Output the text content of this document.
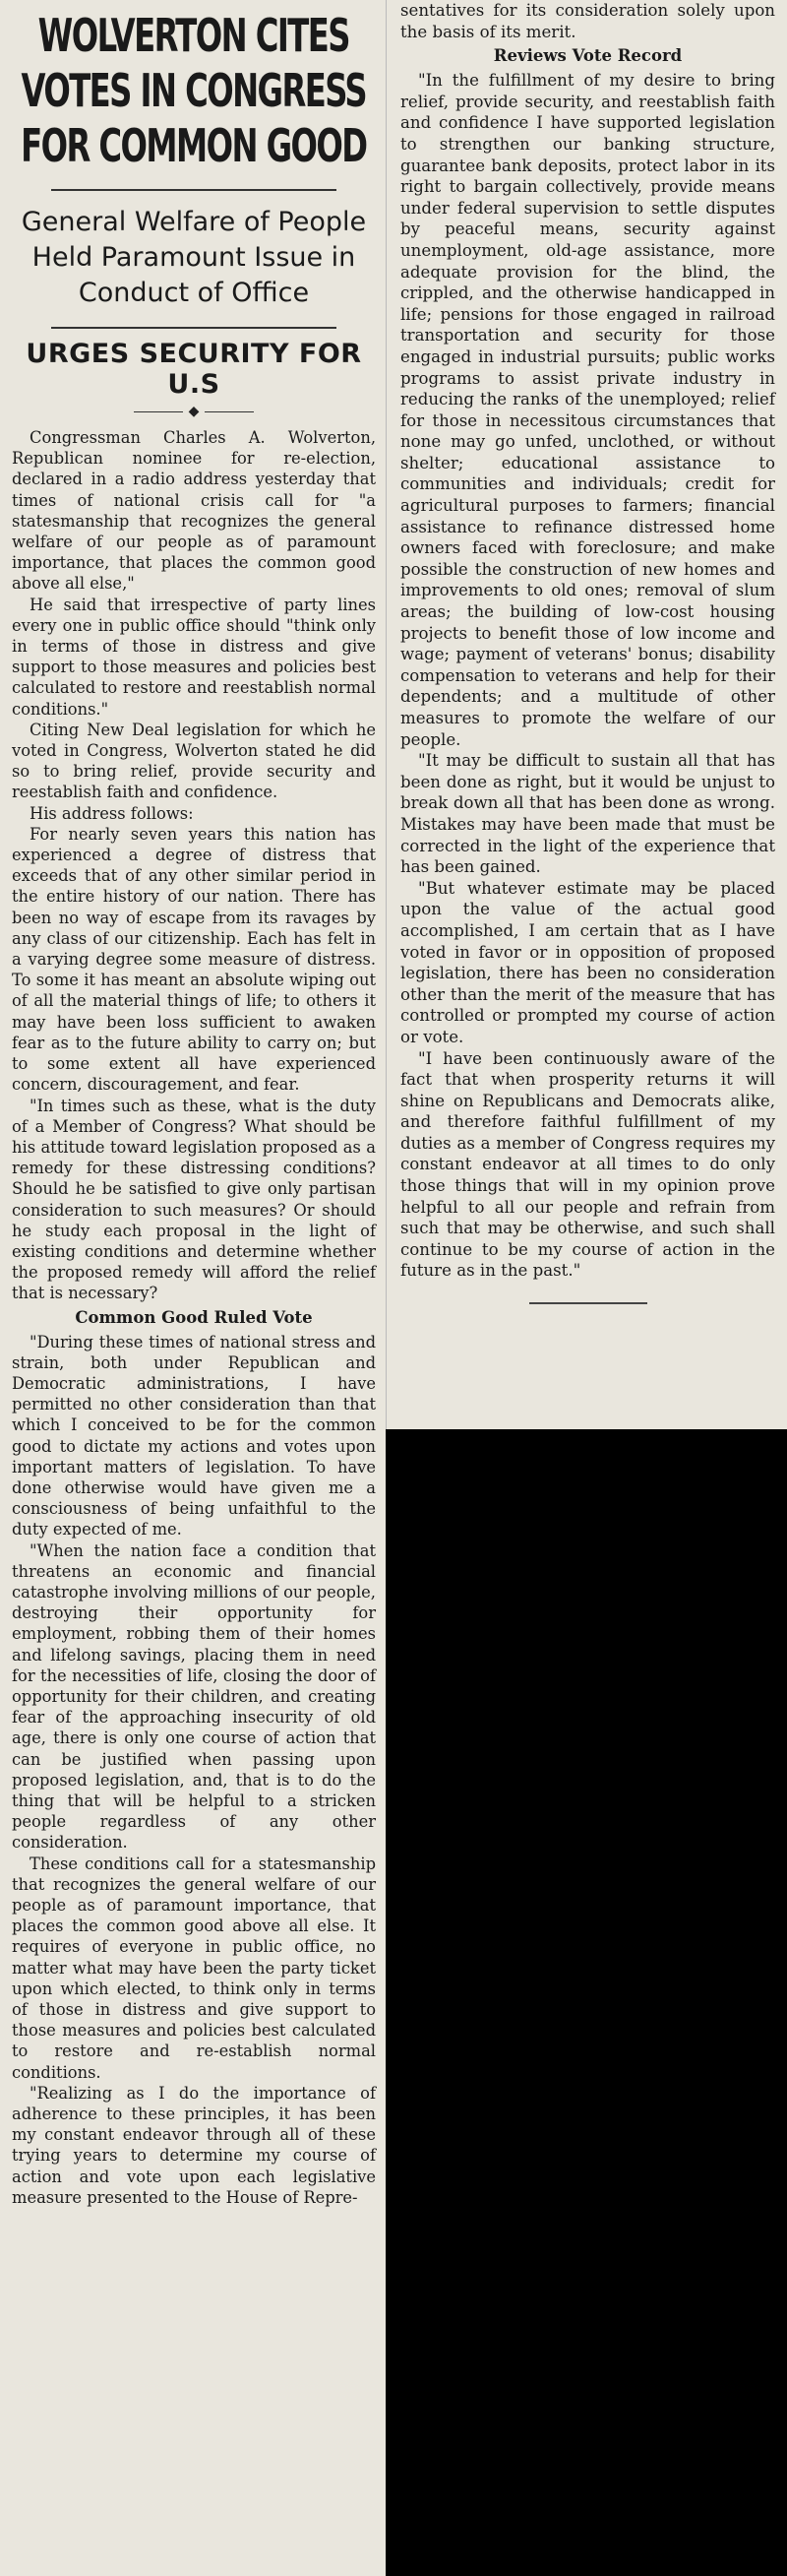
WOLVERTON CITES
VOTES IN CONGRESS
FOR COMMON GOOD
General Welfare of People Held Paramount Issue in Conduct of Office
URGES SECURITY FOR U.S
◆

Congressman Charles A. Wolverton, Republican nominee for re-election, declared in a radio address yesterday that times of national crisis call for "a statesmanship that recognizes the general welfare of our people as of paramount importance, that places the common good above all else,"

He said that irrespective of party lines every one in public office should "think only in terms of those in distress and give support to those measures and policies best calculated to restore and reestablish normal conditions."

Citing New Deal legislation for which he voted in Congress, Wolverton stated he did so to bring relief, provide security and reestablish faith and confidence.

His address follows:

For nearly seven years this nation has experienced a degree of distress that exceeds that of any other similar period in the entire history of our nation. There has been no way of escape from its ravages by any class of our citizenship. Each has felt in a varying degree some measure of distress. To some it has meant an absolute wiping out of all the material things of life; to others it may have been loss sufficient to awaken fear as to the future ability to carry on; but to some extent all have experienced concern, discouragement, and fear.

"In times such as these, what is the duty of a Member of Congress? What should be his attitude toward legislation proposed as a remedy for these distressing conditions? Should he be satisfied to give only partisan consideration to such measures? Or should he study each proposal in the light of existing conditions and determine whether the proposed remedy will afford the relief that is necessary?

Common Good Ruled Vote

"During these times of national stress and strain, both under Republican and Democratic administrations, I have permitted no other consideration than that which I conceived to be for the common good to dictate my actions and votes upon important matters of legislation. To have done otherwise would have given me a consciousness of being unfaithful to the duty expected of me.

"When the nation face a condition that threatens an economic and financial catastrophe involving millions of our people, destroying their opportunity for employment, robbing them of their homes and lifelong savings, placing them in need for the necessities of life, closing the door of opportunity for their children, and creating fear of the approaching insecurity of old age, there is only one course of action that can be justified when passing upon proposed legislation, and, that is to do the thing that will be helpful to a stricken people regardless of any other consideration.

These conditions call for a statesmanship that recognizes the general welfare of our people as of paramount importance, that places the common good above all else. It requires of everyone in public office, no matter what may have been the party ticket upon which elected, to think only in terms of those in distress and give support to those measures and policies best calculated to restore and re-establish normal conditions.

"Realizing as I do the importance of adherence to these principles, it has been my constant endeavor through all of these trying years to determine my course of action and vote upon each legislative measure presented to the House of Repre-

sentatives for its consideration solely upon the basis of its merit.

Reviews Vote Record

"In the fulfillment of my desire to bring relief, provide security, and reestablish faith and confidence I have supported legislation to strengthen our banking structure, guarantee bank deposits, protect labor in its right to bargain collectively, provide means under federal supervision to settle disputes by peaceful means, security against unemployment, old-age assistance, more adequate provision for the blind, the crippled, and the otherwise handicapped in life; pensions for those engaged in railroad transportation and security for those engaged in industrial pursuits; public works programs to assist private industry in reducing the ranks of the unemployed; relief for those in necessitous circumstances that none may go unfed, unclothed, or without shelter; educational assistance to communities and individuals; credit for agricultural purposes to farmers; financial assistance to refinance distressed home owners faced with foreclosure; and make possible the construction of new homes and improvements to old ones; removal of slum areas; the building of low-cost housing projects to benefit those of low income and wage; payment of veterans' bonus; disability compensation to veterans and help for their dependents; and a multitude of other measures to promote the welfare of our people.

"It may be difficult to sustain all that has been done as right, but it would be unjust to break down all that has been done as wrong. Mistakes may have been made that must be corrected in the light of the experience that has been gained.

"But whatever estimate may be placed upon the value of the actual good accomplished, I am certain that as I have voted in favor or in opposition of proposed legislation, there has been no consideration other than the merit of the measure that has controlled or prompted my course of action or vote.

"I have been continuously aware of the fact that when prosperity returns it will shine on Republicans and Democrats alike, and therefore faithful fulfillment of my duties as a member of Congress requires my constant endeavor at all times to do only those things that will in my opinion prove helpful to all our people and refrain from such that may be otherwise, and such shall continue to be my course of action in the future as in the past."
